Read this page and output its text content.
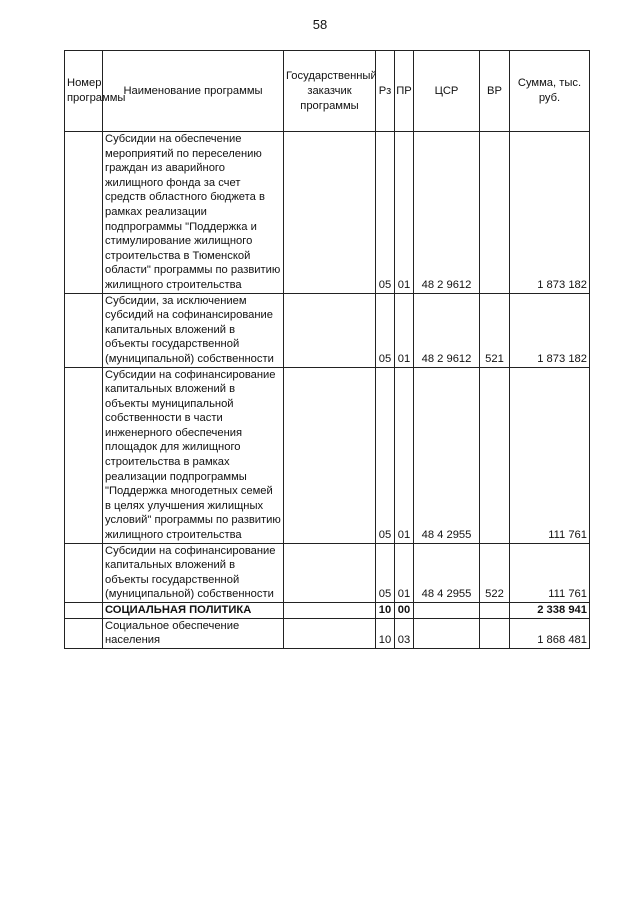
58
Номер программы	Наименование программы	Государственный заказчик программы	Рз	ПР	ЦСР	ВР	Сумма, тыс. руб.
	Субсидии на обеспечение мероприятий по переселению граждан из аварийного жилищного фонда за счет средств областного бюджета в рамках реализации подпрограммы "Поддержка и стимулирование жилищного строительства в Тюменской области" программы по развитию жилищного строительства		05	01	48 2 9612		1 873 182
	Субсидии, за исключением субсидий на софинансирование капитальных вложений в объекты государственной (муниципальной) собственности		05	01	48 2 9612	521	1 873 182
	Субсидии на софинансирование капитальных вложений в объекты муниципальной собственности в части инженерного обеспечения площадок для жилищного строительства в рамках реализации подпрограммы "Поддержка многодетных семей в целях улучшения жилищных условий" программы по развитию жилищного строительства		05	01	48 4 2955		111 761
	Субсидии на софинансирование капитальных вложений в объекты государственной (муниципальной) собственности		05	01	48 4 2955	522	111 761
	СОЦИАЛЬНАЯ ПОЛИТИКА		10	00			2 338 941
	Социальное обеспечение населения		10	03			1 868 481
